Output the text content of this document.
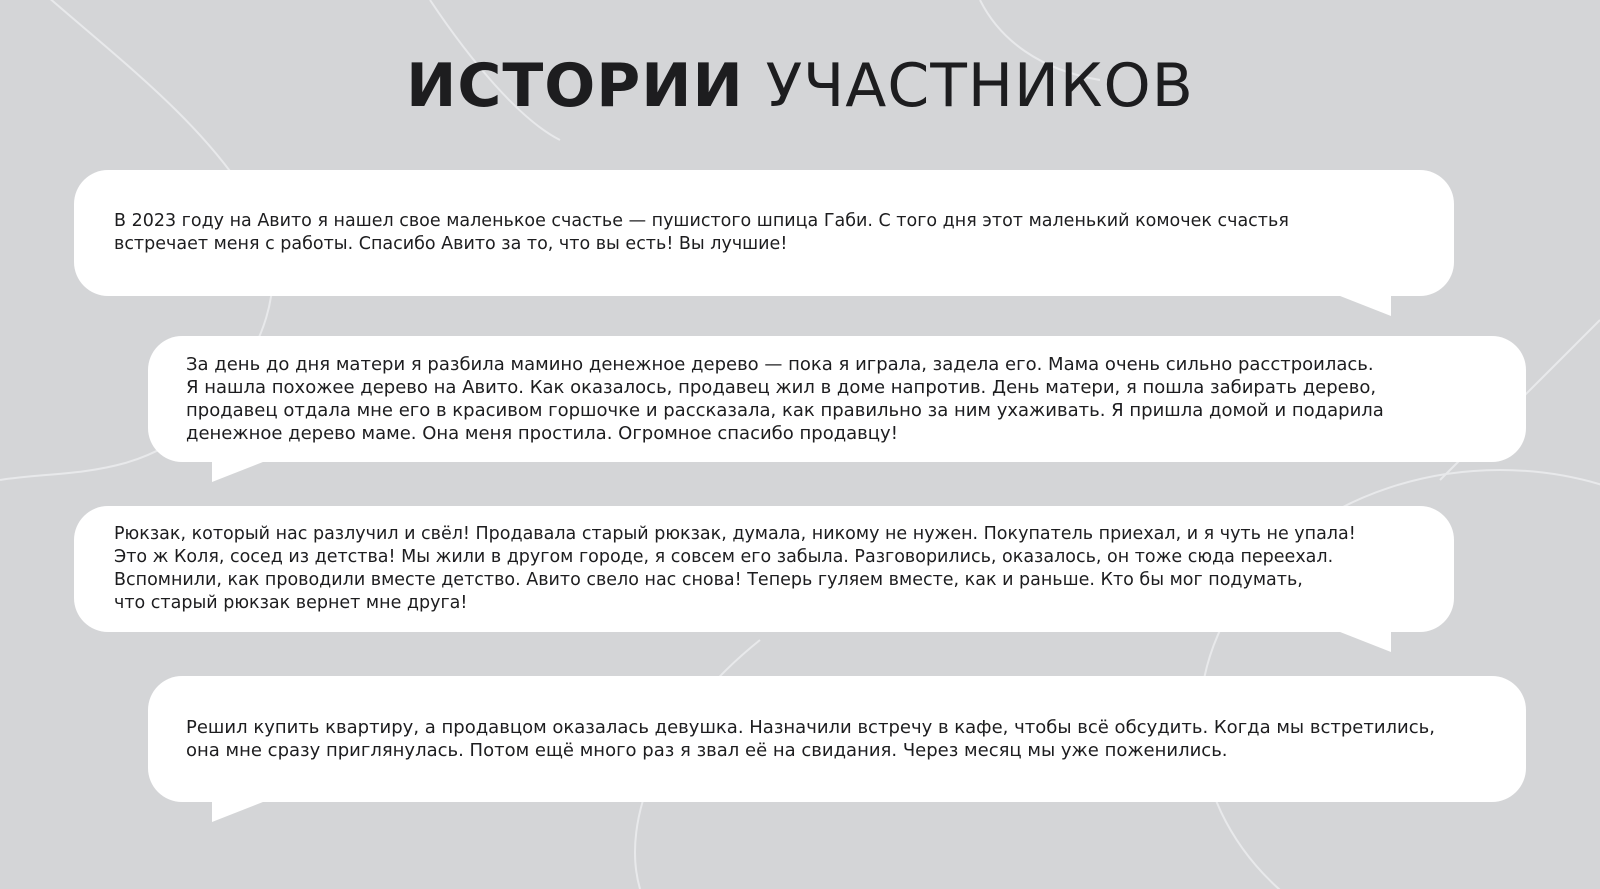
ИСТОРИИ УЧАСТНИКОВ

В 2023 году на Авито я нашел свое маленькое счастье — пушистого шпица Габи. С того дня этот маленький комочек счастья
встречает меня с работы. Спасибо Авито за то, что вы есть! Вы лучшие!

За день до дня матери я разбила мамино денежное дерево — пока я играла, задела его. Мама очень сильно расстроилась.
Я нашла похожее дерево на Авито. Как оказалось, продавец жил в доме напротив. День матери, я пошла забирать дерево,
продавец отдала мне его в красивом горшочке и рассказала, как правильно за ним ухаживать. Я пришла домой и подарила
денежное дерево маме. Она меня простила. Огромное спасибо продавцу!

Рюкзак, который нас разлучил и свёл! Продавала старый рюкзак, думала, никому не нужен. Покупатель приехал, и я чуть не упала!
Это ж Коля, сосед из детства! Мы жили в другом городе, я совсем его забыла. Разговорились, оказалось, он тоже сюда переехал.
Вспомнили, как проводили вместе детство. Авито свело нас снова! Теперь гуляем вместе, как и раньше. Кто бы мог подумать,
что старый рюкзак вернет мне друга!

Решил купить квартиру, а продавцом оказалась девушка. Назначили встречу в кафе, чтобы всё обсудить. Когда мы встретились,
она мне сразу приглянулась. Потом ещё много раз я звал её на свидания. Через месяц мы уже поженились.
